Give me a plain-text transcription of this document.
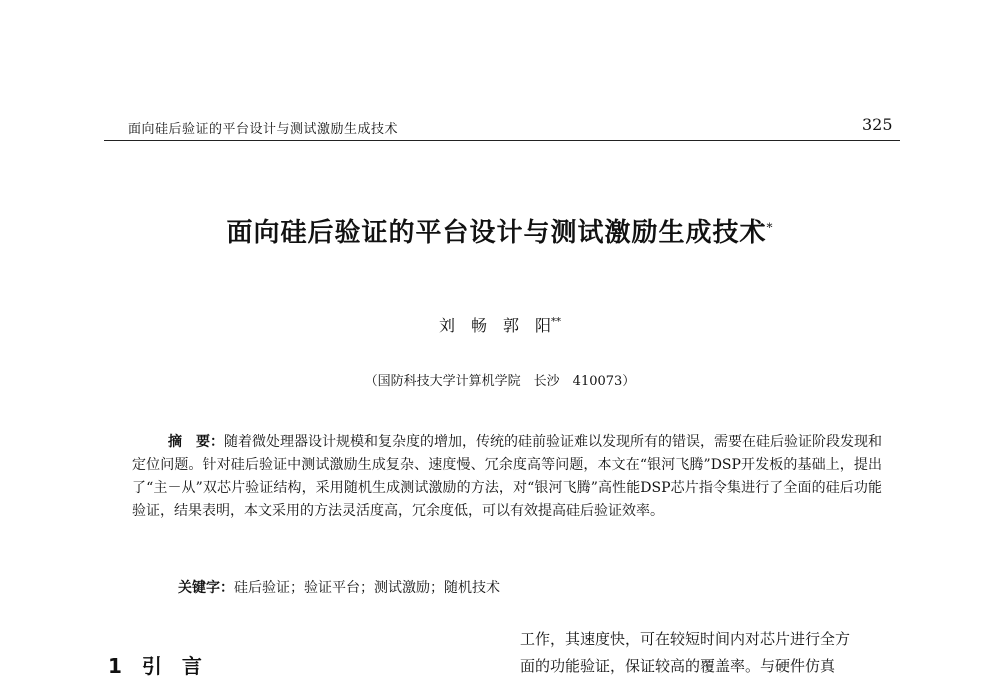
面向硅后验证的平台设计与测试激励生成技术	325
面向硅后验证的平台设计与测试激励生成技术*
刘　畅　郭　阳**
（国防科技大学计算机学院　长沙　410073）
摘　要：随着微处理器设计规模和复杂度的增加，传统的硅前验证难以发现所有的错误，需要在硅后验证阶段发现和定位问题。针对硅后验证中测试激励生成复杂、速度慢、冗余度高等问题，本文在“银河飞腾”DSP开发板的基础上，提出了“主－从”双芯片验证结构，采用随机生成测试激励的方法，对“银河飞腾”高性能DSP芯片指令集进行了全面的硅后功能验证，结果表明，本文采用的方法灵活度高，冗余度低，可以有效提高硅后验证效率。
关键字：硅后验证；验证平台；测试激励；随机技术
1　引　言
工作，其速度快，可在较短时间内对芯片进行全方
面的功能验证，保证较高的覆盖率。与硬件仿真
